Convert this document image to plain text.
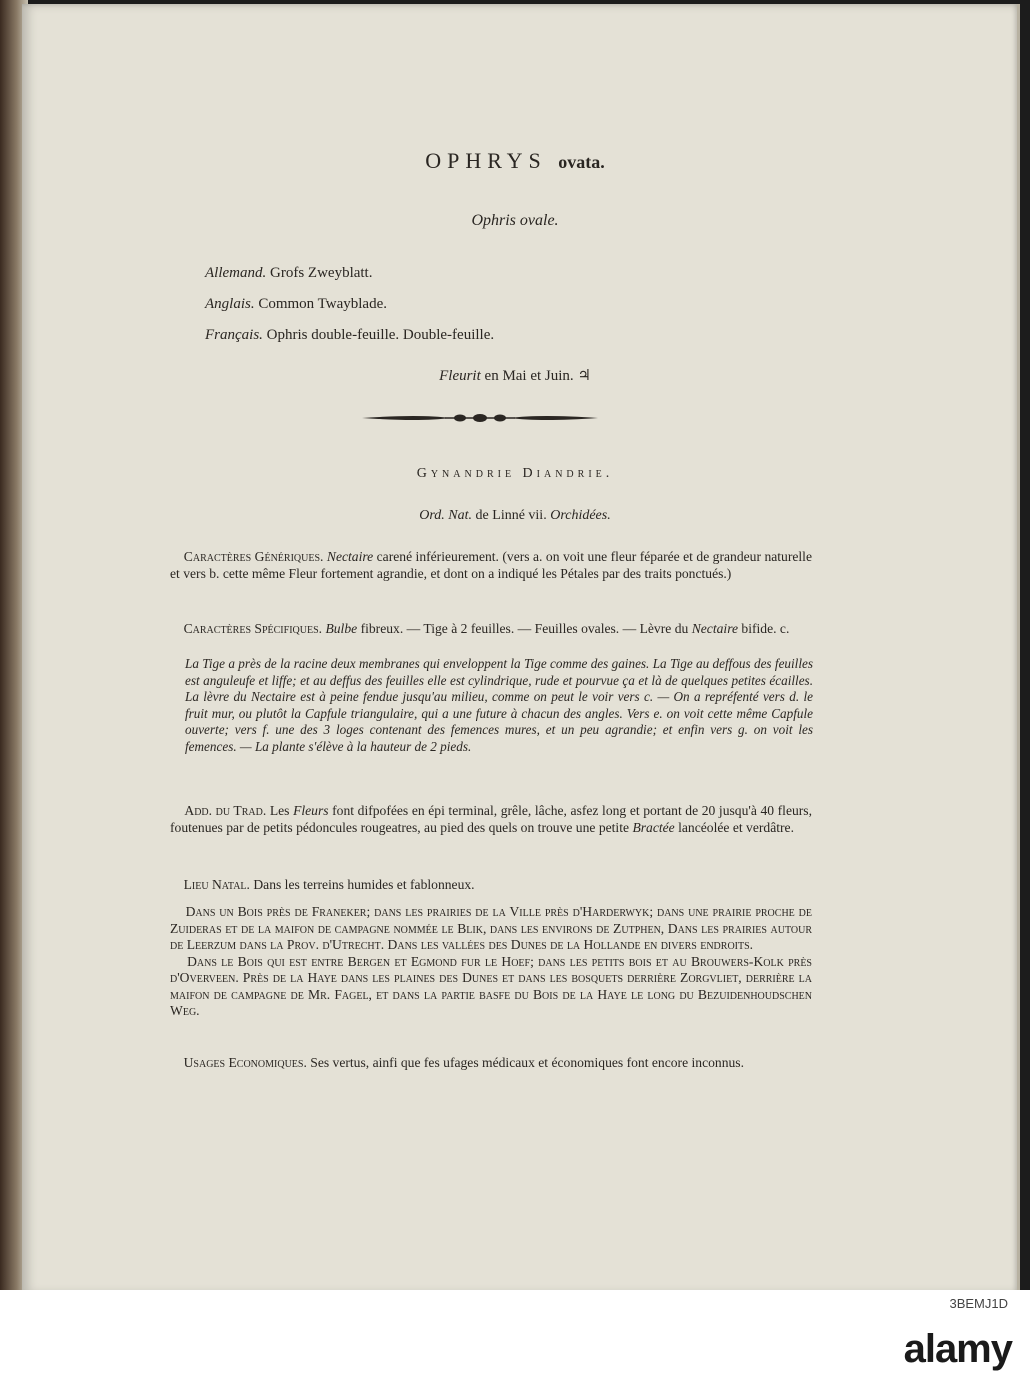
OPHRYS ovata.
Ophris ovale.
Allemand. Grofs Zweyblatt.
Anglais. Common Twayblade.
Français. Ophris double-feuille. Double-feuille.
Fleurit en Mai et Juin. ♃
Gynandrie Diandrie.
Ord. Nat. de Linné vii. Orchidées.
Caractères Génériques. Nectaire carené inférieurement. (vers a. on voit une fleur féparée et de grandeur naturelle et vers b. cette même Fleur fortement agrandie, et dont on a indiqué les Pétales par des traits ponctués.)
Caractères Spécifiques. Bulbe fibreux. — Tige à 2 feuilles. — Feuilles ovales. — Lèvre du Nectaire bifide. c.
La Tige a près de la racine deux membranes qui enveloppent la Tige comme des gaines. La Tige au deffous des feuilles est anguleufe et liffe; et au deffus des feuilles elle est cylindrique, rude et pourvue ça et là de quelques petites écailles. La lèvre du Nectaire est à peine fendue jusqu'au milieu, comme on peut le voir vers c. — On a repréfenté vers d. le fruit mur, ou plutôt la Capfule triangulaire, qui a une future à chacun des angles. Vers e. on voit cette même Capfule ouverte; vers f. une des 3 loges contenant des femences mures, et un peu agrandie; et enfin vers g. on voit les femences. — La plante s'élève à la hauteur de 2 pieds.
Add. du Trad. Les Fleurs font difpofées en épi terminal, grêle, lâche, asfez long et portant de 20 jusqu'à 40 fleurs, foutenues par de petits pédoncules rougeatres, au pied des quels on trouve une petite Bractée lancéolée et verdâtre.
Lieu Natal. Dans les terreins humides et fablonneux.
Dans un Bois près de Franeker; dans les prairies de la Ville près d'Harderwyk; dans une prairie proche de Zuideras et de la maifon de campagne nommée le Blik, dans les environs de Zutphen, Dans les prairies autour de Leerzum dans la Prov. d'Utrecht. Dans les vallées des Dunes de la Hollande en divers endroits.
Dans le Bois qui est entre Bergen et Egmond fur le Hoef; dans les petits bois et au Brouwers-Kolk près d'Overveen. Près de la Haye dans les plaines des Dunes et dans les bosquets derrière Zorgvliet, derrière la maifon de campagne de Mr. Fagel, et dans la partie basfe du Bois de la Haye le long du Bezuidenhoudschen Weg.
Usages Economiques. Ses vertus, ainfi que fes ufages médicaux et économiques font encore inconnus.
alamy
3BEMJ1D
